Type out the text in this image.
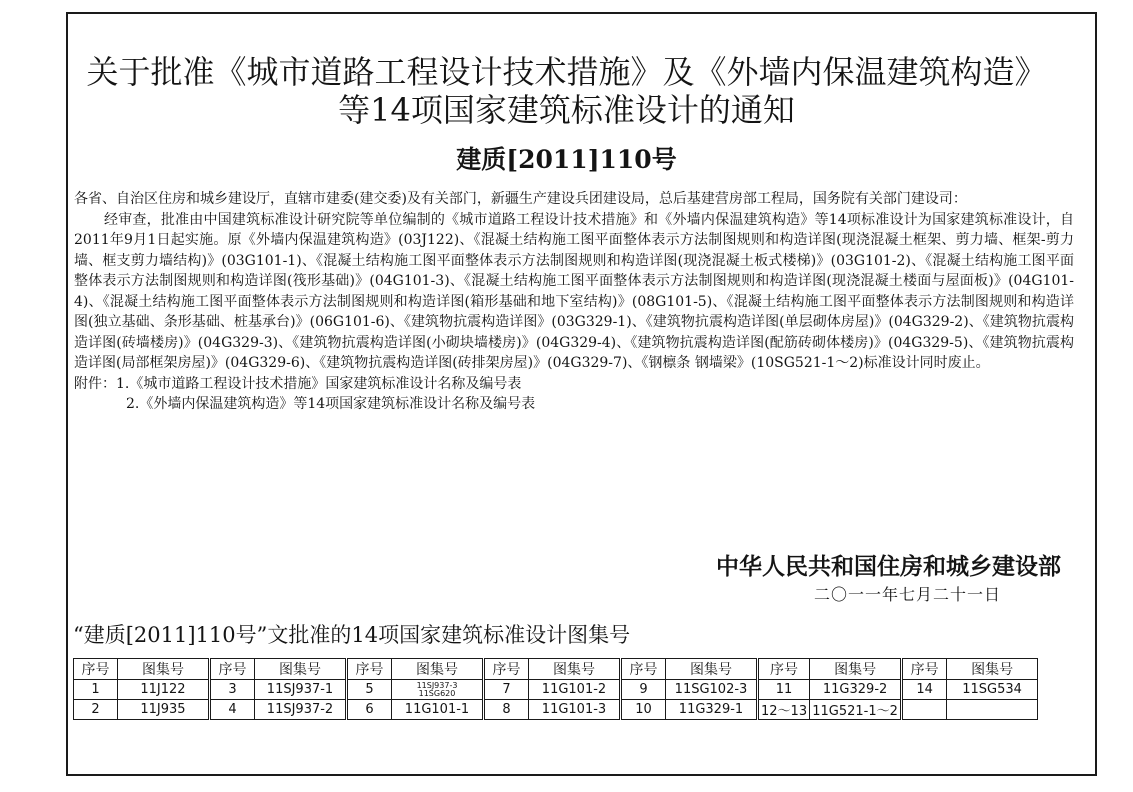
关于批准《城市道路工程设计技术措施》及《外墙内保温建筑构造》
等14项国家建筑标准设计的通知
建质[2011]110号

各省、自治区住房和城乡建设厅，直辖市建委(建交委)及有关部门，新疆生产建设兵团建设局，总后基建营房部工程局，国务院有关部门建设司：

经审查，批准由中国建筑标准设计研究院等单位编制的《城市道路工程设计技术措施》和《外墙内保温建筑构造》等14项标准设计为国家建筑标准设计，自2011年9月1日起实施。原《外墙内保温建筑构造》(03J122)、《混凝土结构施工图平面整体表示方法制图规则和构造详图(现浇混凝土框架、剪力墙、框架-剪力墙、框支剪力墙结构)》(03G101-1)、《混凝土结构施工图平面整体表示方法制图规则和构造详图(现浇混凝土板式楼梯)》(03G101-2)、《混凝土结构施工图平面整体表示方法制图规则和构造详图(筏形基础)》(04G101-3)、《混凝土结构施工图平面整体表示方法制图规则和构造详图(现浇混凝土楼面与屋面板)》(04G101-4)、《混凝土结构施工图平面整体表示方法制图规则和构造详图(箱形基础和地下室结构)》(08G101-5)、《混凝土结构施工图平面整体表示方法制图规则和构造详图(独立基础、条形基础、桩基承台)》(06G101-6)、《建筑物抗震构造详图》(03G329-1)、《建筑物抗震构造详图(单层砌体房屋)》(04G329-2)、《建筑物抗震构造详图(砖墙楼房)》(04G329-3)、《建筑物抗震构造详图(小砌块墙楼房)》(04G329-4)、《建筑物抗震构造详图(配筋砖砌体楼房)》(04G329-5)、《建筑物抗震构造详图(局部框架房屋)》(04G329-6)、《建筑物抗震构造详图(砖排架房屋)》(04G329-7)、《钢檩条 钢墙梁》(10SG521-1～2)标准设计同时废止。

附件：1.《城市道路工程设计技术措施》国家建筑标准设计名称及编号表

2.《外墙内保温建筑构造》等14项国家建筑标准设计名称及编号表

中华人民共和国住房和城乡建设部
二〇一一年七月二十一日
“建质[2011]110号”文批准的14项国家建筑标准设计图集号
序号	图集号	序号	图集号	序号	图集号	序号	图集号	序号	图集号	序号	图集号	序号	图集号
1	11J122	3	11SJ937-1	5	11SJ937-3
11SG620	7	11G101-2	9	11SG102-3	11	11G329-2	14	11SG534
2	11J935	4	11SJ937-2	6	11G101-1	8	11G101-3	10	11G329-1	12～13	11G521-1～2		
